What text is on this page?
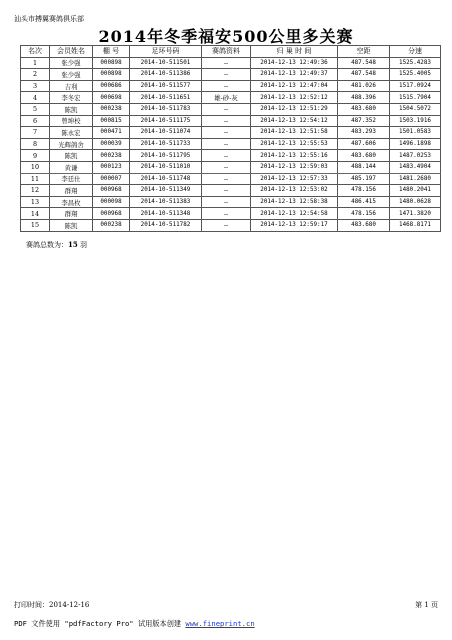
汕头市搏翼赛鸽俱乐部
2014年冬季福安500公里多关赛
名次	会员姓名	棚 号	足环号码	赛鸽资料	归 巢 时 间	空距	分速
1	张少强	000898	2014-10-511501	--	2014-12-13 12:49:36	487.548	1525.4283
2	张少强	000898	2014-10-511386	--	2014-12-13 12:49:37	487.548	1525.4005
3	吉利	000686	2014-10-511577	--	2014-12-13 12:47:04	481.026	1517.0924
4	李冬宏	000698	2014-10-511651	雄-砂-灰	2014-12-13 12:52:12	488.396	1515.7904
5	陈凯	000238	2014-10-511783	--	2014-12-13 12:51:29	483.680	1504.5072
6	曾坤校	000815	2014-10-511175	--	2014-12-13 12:54:12	487.352	1503.1916
7	陈永宏	000471	2014-10-511074	--	2014-12-13 12:51:58	483.293	1501.0583
8	光辉鸽舍	000039	2014-10-511733	--	2014-12-13 12:55:53	487.606	1496.1898
9	陈凯	000238	2014-10-511795	--	2014-12-13 12:55:16	483.680	1487.0253
10	黄谦	000123	2014-10-511010	--	2014-12-13 12:59:03	488.144	1483.4904
11	李廷仕	000007	2014-10-511748	--	2014-12-13 12:57:33	485.197	1481.2680
12	群翔	000968	2014-10-511349	--	2014-12-13 12:53:02	478.156	1480.2041
13	李昌枚	000098	2014-10-511383	--	2014-12-13 12:58:38	486.415	1480.0628
14	群翔	000968	2014-10-511348	--	2014-12-13 12:54:58	478.156	1471.3820
15	陈凯	000238	2014-10-511782	--	2014-12-13 12:59:17	483.680	1468.8171
赛鸽总数为：15 羽
打印时间：2014-12-16	第 1 页
PDF 文件使用 "pdfFactory Pro" 试用版本创建 www.fineprint.cn
